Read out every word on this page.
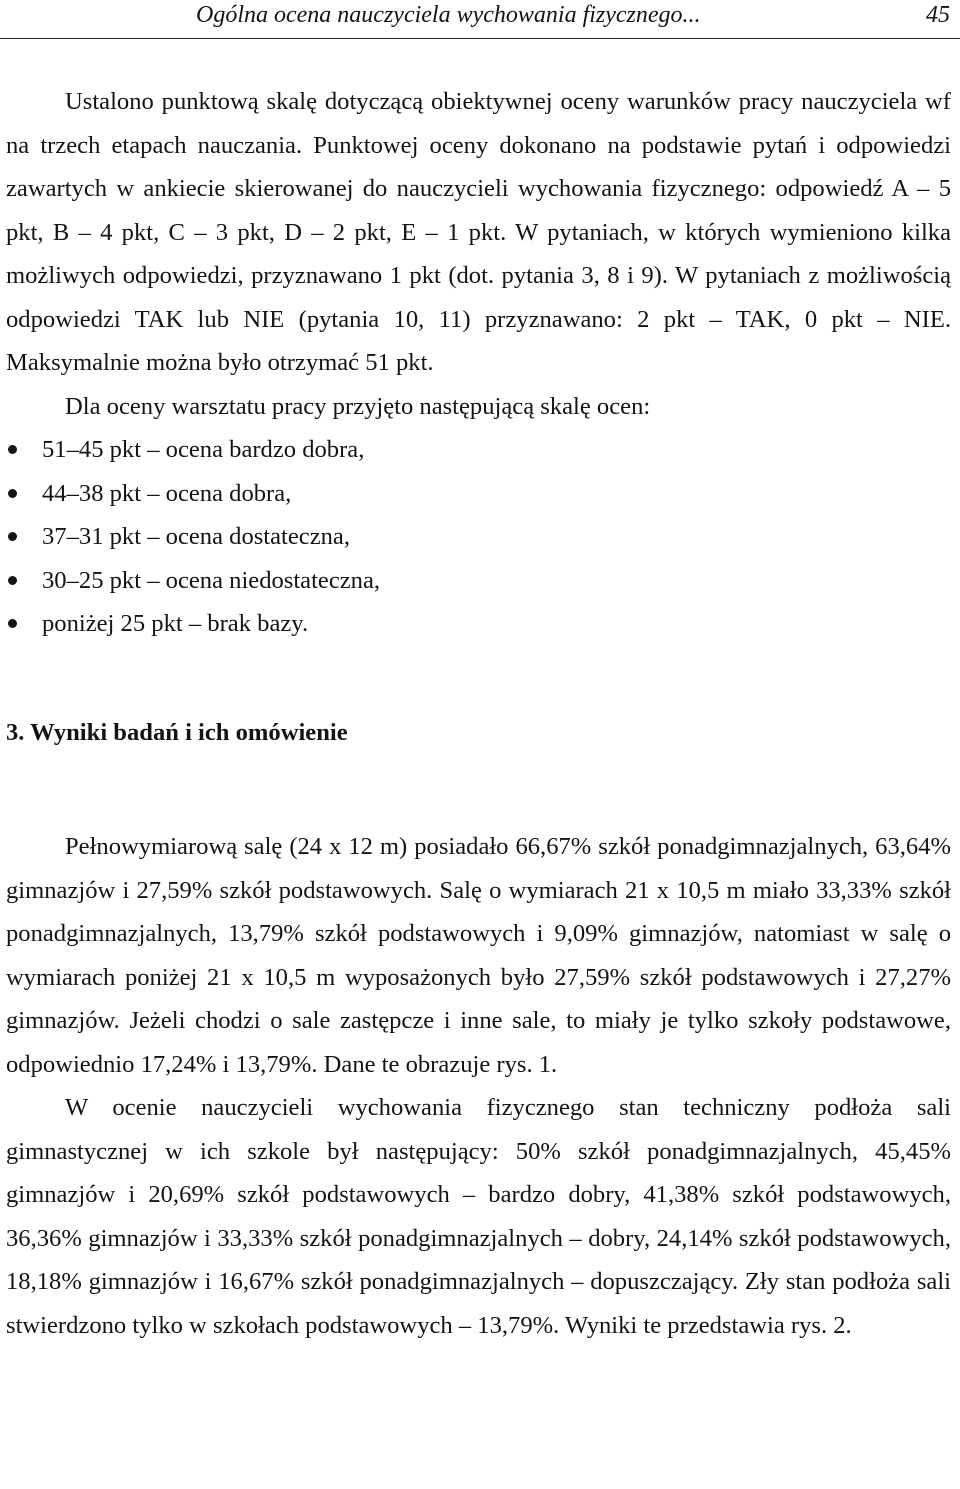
Ogólna ocena nauczyciela wychowania fizycznego...	45

Ustalono punktową skalę dotyczącą obiektywnej oceny warunków pracy nauczyciela wf na trzech etapach nauczania. Punktowej oceny dokonano na podstawie pytań i odpowiedzi zawartych w ankiecie skierowanej do nauczycieli wychowania fizycznego: odpowiedź A – 5 pkt, B – 4 pkt, C – 3 pkt, D – 2 pkt, E – 1 pkt. W pytaniach, w których wymieniono kilka możliwych odpowiedzi, przyznawano 1 pkt (dot. pytania 3, 8 i 9). W pytaniach z możliwością odpowiedzi TAK lub NIE (pytania 10, 11) przyznawano: 2 pkt – TAK, 0 pkt – NIE. Maksymalnie można było otrzymać 51 pkt.

Dla oceny warsztatu pracy przyjęto następującą skalę ocen:

51–45 pkt – ocena bardzo dobra,
44–38 pkt – ocena dobra,
37–31 pkt – ocena dostateczna,
30–25 pkt – ocena niedostateczna,
poniżej 25 pkt – brak bazy.
3. Wyniki badań i ich omówienie

Pełnowymiarową salę (24 x 12 m) posiadało 66,67% szkół ponadgimnazjalnych, 63,64% gimnazjów i 27,59% szkół podstawowych. Salę o wymiarach 21 x 10,5 m miało 33,33% szkół ponadgimnazjalnych, 13,79% szkół podstawowych i 9,09% gimnazjów, natomiast w salę o wymiarach poniżej 21 x 10,5 m wyposażonych było 27,59% szkół podstawowych i 27,27% gimnazjów. Jeżeli chodzi o sale zastępcze i inne sale, to miały je tylko szkoły podstawowe, odpowiednio 17,24% i 13,79%. Dane te obrazuje rys. 1.

W ocenie nauczycieli wychowania fizycznego stan techniczny podłoża sali gimnastycznej w ich szkole był następujący: 50% szkół ponadgimnazjalnych, 45,45% gimnazjów i 20,69% szkół podstawowych – bardzo dobry, 41,38% szkół podstawowych, 36,36% gimnazjów i 33,33% szkół ponadgimnazjalnych – dobry, 24,14% szkół podstawowych, 18,18% gimnazjów i 16,67% szkół ponadgimnazjalnych – dopuszczający. Zły stan podłoża sali stwierdzono tylko w szkołach podstawowych – 13,79%. Wyniki te przedstawia rys. 2.
